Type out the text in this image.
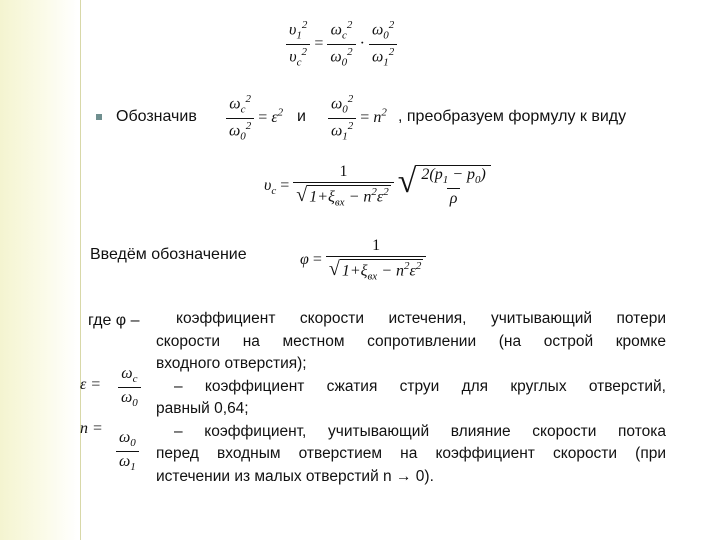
$\frac{\upsilon_1^2}{\upsilon_c^2} = \frac{\omega_c^2}{\omega_0^2} \cdot \frac{\omega_0^2}{\omega_1^2}$
Обозначив $\frac{\omega_c^2}{\omega_0^2} = \varepsilon^2$ и $\frac{\omega_0^2}{\omega_1^2} = n^2$ , преобразуем формулу к виду
$\upsilon_c = \frac{1}{√ 1+\xi_{вх} - n^2\varepsilon^2}$ √ $\frac{2(p_1 - p_0)}{\rho}$
Введём обозначение	$\varphi = \frac{1}{√ 1+\xi_{вх} - n^2\varepsilon^2}$
где φ –
$\varepsilon = \frac{\omega_c}{\omega_0}$
n =
$\frac{\omega_0}{\omega_1}$
коэффициент скорости истечения, учитывающий потери
скорости на местном сопротивлении (на острой кромке
входного отверстия);
– коэффициент сжатия струи для круглых отверстий,
равный 0,64;
– коэффициент, учитывающий влияние скорости потока
перед входным отверстием на коэффициент скорости (при
истечении из малых отверстий n → 0).
